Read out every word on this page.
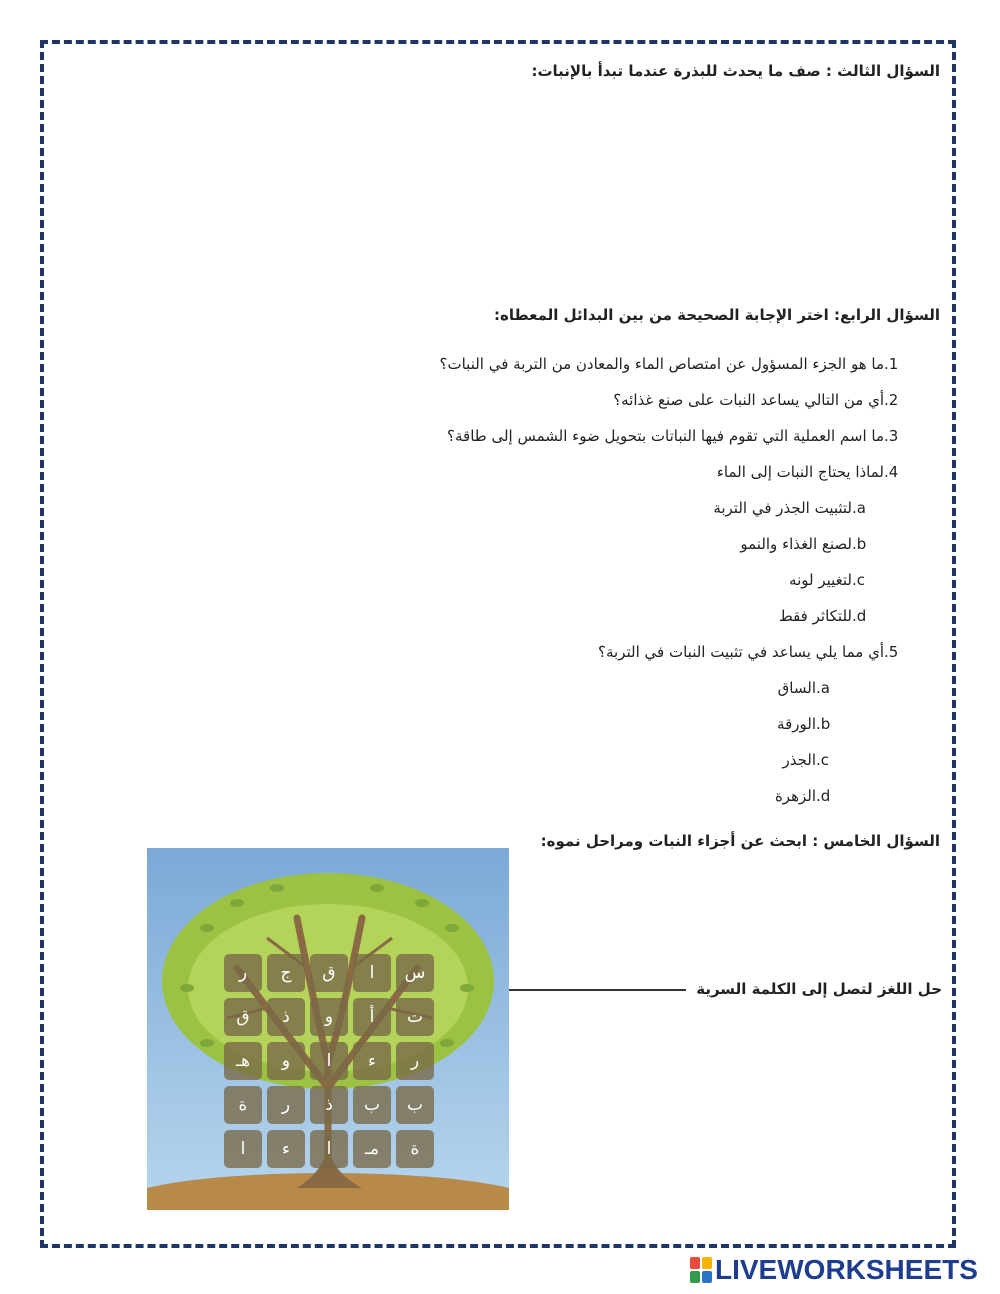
السؤال الثالث : صف ما يحدث للبذرة عندما تبدأ بالإنبات:
السؤال الرابع: اختر الإجابة الصحيحة من بين البدائل المعطاه:
1.ما هو الجزء المسؤول عن امتصاص الماء والمعادن من التربة في النبات؟
2.أي من التالي يساعد النبات على صنع غذائه؟
3.ما اسم العملية التي تقوم فيها النباتات بتحويل ضوء الشمس إلى طاقة؟
4.لماذا يحتاج النبات إلى الماء
a.لتثبيت الجذر في التربة
b.لصنع الغذاء والنمو
c.لتغيير لونه
d.للتكاثر فقط
5.أي مما يلي يساعد في تثبيت النبات في التربة؟
a.الساق
b.الورقة
c.الجذر
d.الزهرة
السؤال الخامس : ابحث عن أجزاء النبات ومراحل نموه:
حل اللغز لتصل إلى الكلمة السرية
ر	ج	ق	ا	س
ق	ذ	و	أ	ت
هـ	و	ا	ء	ر
ة	ر	ذ	ب	ب
ا	ء	ا	مـ	ة
LIVEWORKSHEETS
